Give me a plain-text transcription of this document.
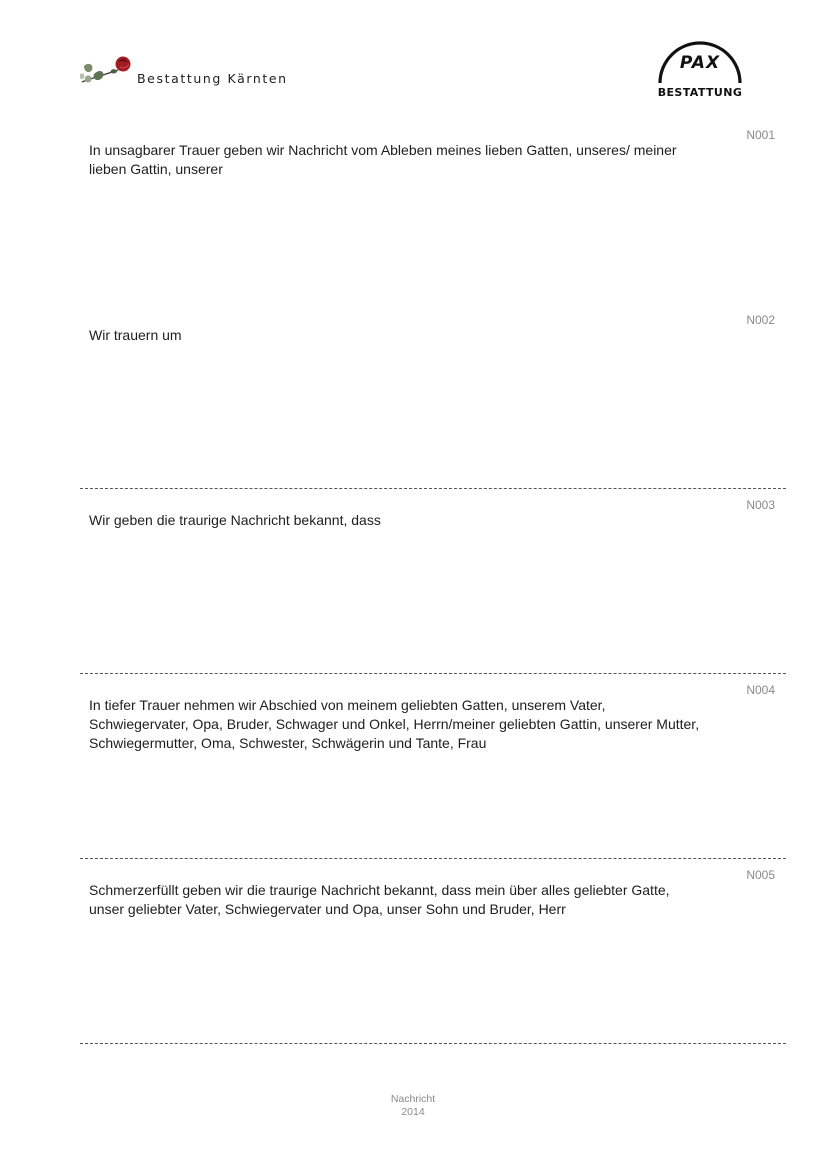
Bestattung Kärnten
PAX
BESTATTUNG
N001
In unsagbarer Trauer geben wir Nachricht vom Ableben meines lieben Gatten, unseres/ meiner lieben Gattin, unserer
N002
Wir trauern um
N003
Wir geben die traurige Nachricht bekannt, dass
N004
In tiefer Trauer nehmen wir Abschied von meinem geliebten Gatten, unserem Vater, Schwiegervater, Opa, Bruder, Schwager und Onkel, Herrn/meiner geliebten Gattin, unserer Mutter, Schwiegermutter, Oma, Schwester, Schwägerin und Tante, Frau
N005
Schmerzerfüllt geben wir die traurige Nachricht bekannt, dass mein über alles geliebter Gatte, unser geliebter Vater, Schwiegervater und Opa, unser Sohn und Bruder, Herr
Nachricht
2014
